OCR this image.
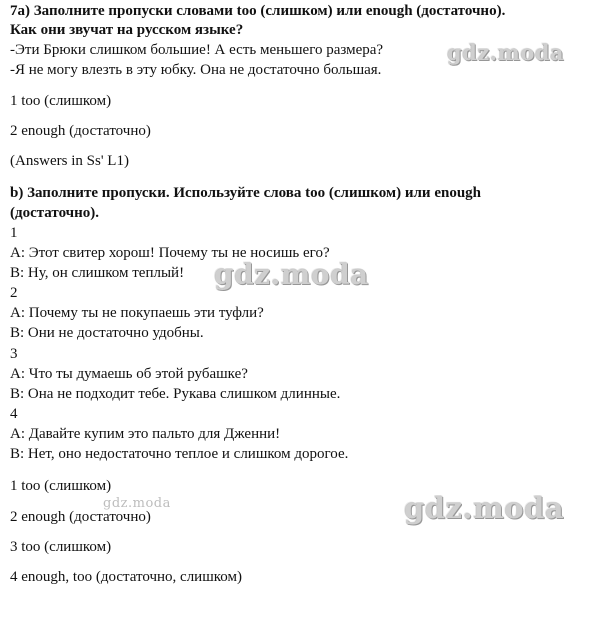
7a) Заполните пропуски словами too (слишком) или enough (достаточно).
Как они звучат на русском языке?
-Эти Брюки слишком большие! А есть меньшего размера?
-Я не могу влезть в эту юбку. Она не достаточно большая.
1 too (слишком)
2 enough (достаточно)
(Answers in Ss' L1)
b) Заполните пропуски. Используйте слова too (слишком) или enough
(достаточно).
1
A: Этот свитер хорош! Почему ты не носишь его?
B: Ну, он слишком теплый!
2
A: Почему ты не покупаешь эти туфли?
B: Они не достаточно удобны.
3
A: Что ты думаешь об этой рубашке?
B: Она не подходит тебе. Рукава слишком длинные.
4
A: Давайте купим это пальто для Дженни!
B: Нет, оно недостаточно теплое и слишком дорогое.
1 too (слишком)
2 enough (достаточно)
3 too (слишком)
4 enough, too (достаточно, слишком)
gdz.moda
gdz.moda
gdz.moda	gdz.moda
